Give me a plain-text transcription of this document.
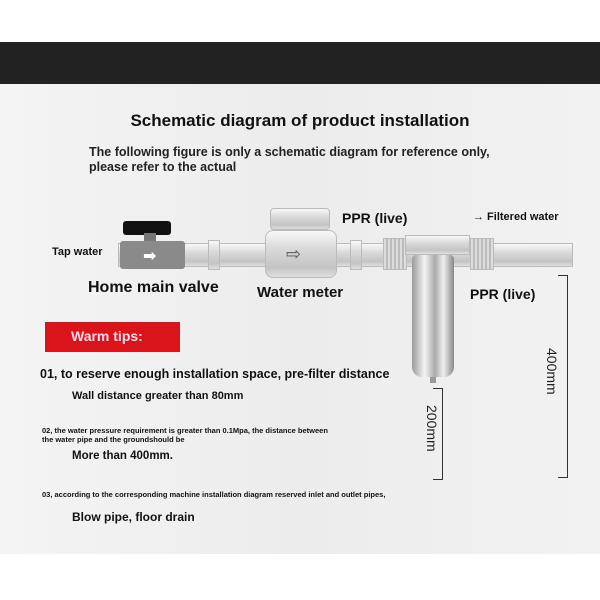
Schematic diagram of product installation
The following figure is only a schematic diagram for reference only,
please refer to the actual
➡	⇨
Tap water
Home main valve	Water meter
PPR (live)
PPR (live)
→ Filtered water
400mm
200mm
Warm tips:
01, to reserve enough installation space, pre-filter distance
Wall distance greater than 80mm
02, the water pressure requirement is greater than 0.1Mpa, the distance between
the water pipe and the groundshould be
More than 400mm.
03, according to the corresponding machine installation diagram reserved inlet and outlet pipes,
Blow pipe, floor drain
